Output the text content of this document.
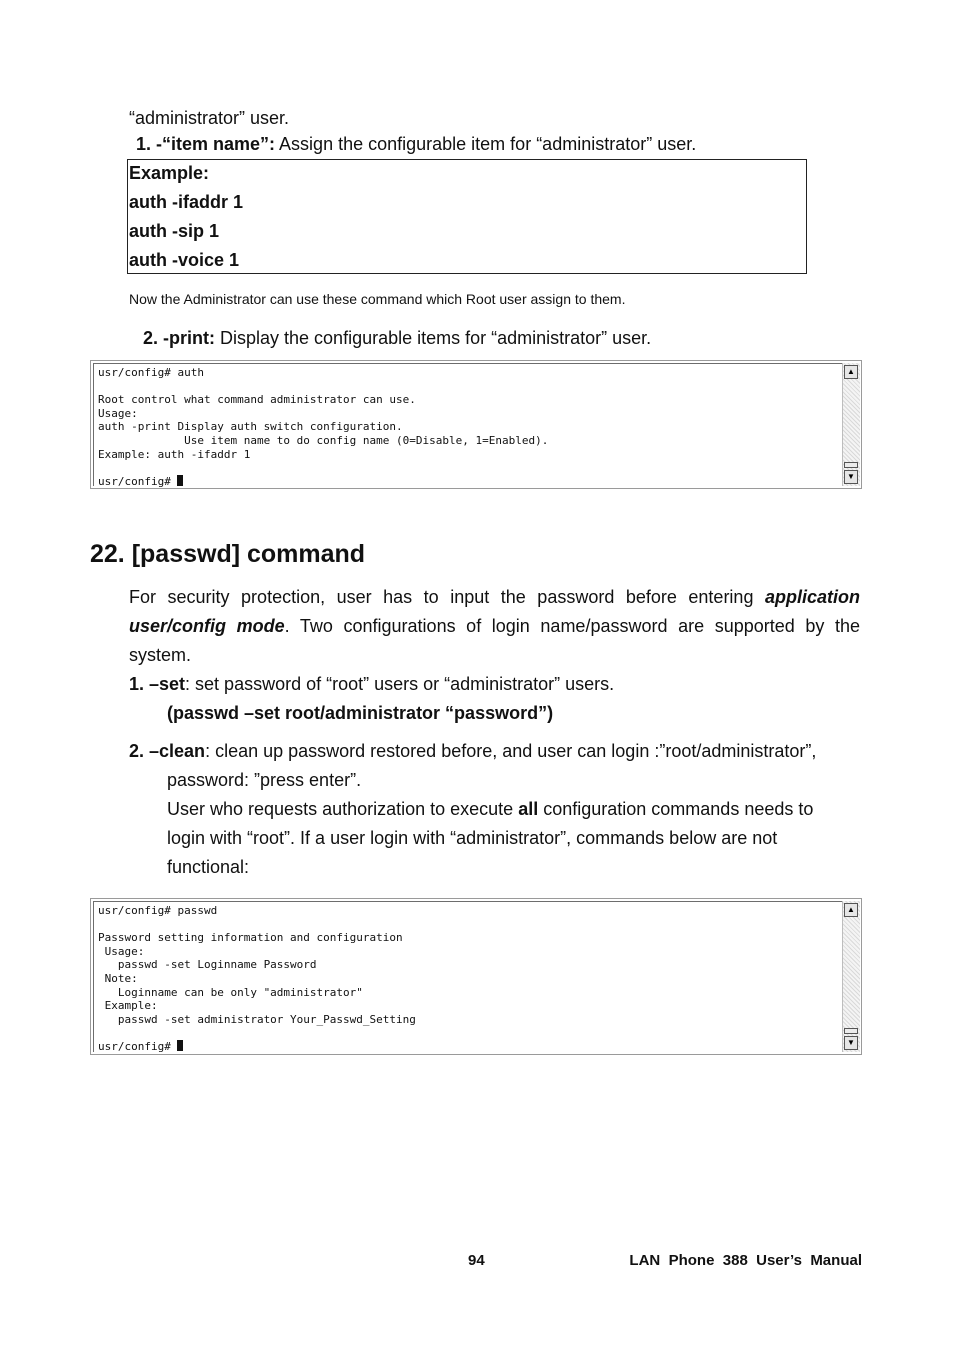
“administrator” user.
1. -“item name”: Assign the configurable item for “administrator” user.
Example:
auth -ifaddr 1
auth -sip 1
auth -voice 1
Now the Administrator can use these command which Root user assign to them.
2. -print: Display the configurable items for “administrator” user.
usr/config# auth

Root control what command administrator can use.
Usage:
auth -print Display auth switch configuration.
Use item name to do config name (0=Disable, 1=Enabled).
Example: auth -ifaddr 1

usr/config#
▲
▼
22. [passwd] command
For security protection, user has to input the password before entering application
user/config mode. Two configurations of login name/password are supported by the
system.
1. –set: set password of “root” users or “administrator” users.
(passwd –set root/administrator “password”)
2. –clean: clean up password restored before, and user can login :”root/administrator”,
password: ”press enter”.
User who requests authorization to execute all configuration commands needs to
login with “root”. If a user login with “administrator”, commands below are not
functional:
usr/config# passwd

Password setting information and configuration
Usage:
passwd -set Loginname Password
Note:
Loginname can be only "administrator"
Example:
passwd -set administrator Your_Passwd_Setting

usr/config#
▲
▼
94	LAN  Phone  388  User’s  Manual
